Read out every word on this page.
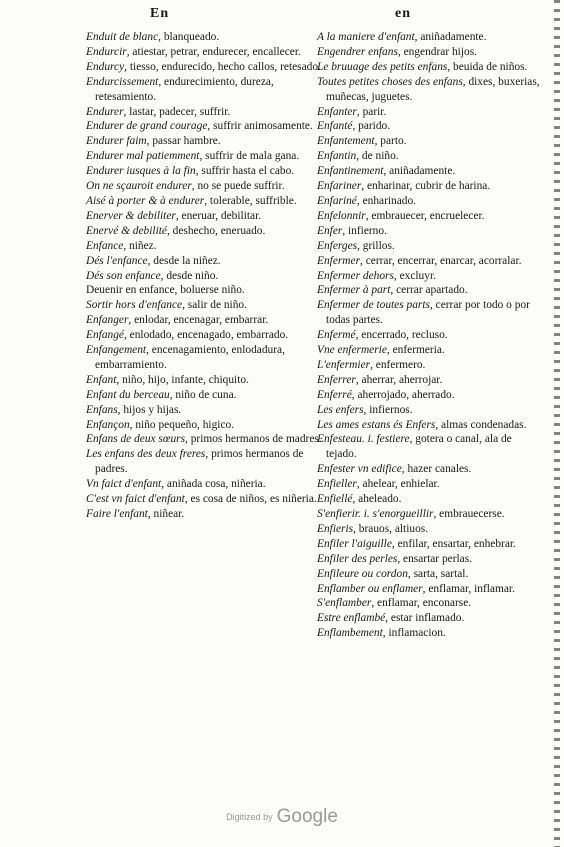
En	en

Enduit de blanc, blanqueado.

Endurcir, atiestar, petrar, endurecer, encallecer.

Endurcy, tiesso, endurecido, hecho callos, retesado.

Endurcissement, endurecimiento, dureza, retesamiento.

Endurer, lastar, padecer, suffrir.

Endurer de grand courage, suffrir animosamente.

Endurer faim, passar hambre.

Endurer mal patiemment, suffrir de mala gana.

Endurer iusques à la fin, suffrir hasta el cabo.

On ne sçauroit endurer, no se puede suffrir.

Aisé à porter & à endurer, tolerable, suffrible.

Enerver & debiliter, eneruar, debilitar.

Enervé & debilité, deshecho, eneruado.

Enfance, niñez.

Dés l'enfance, desde la niñez.

Dés son enfance, desde niño.

Deuenir en enfance, boluerse niño.

Sortir hors d'enfance, salir de niño.

Enfanger, enlodar, encenagar, embarrar.

Enfangé, enlodado, encenagado, embarrado.

Enfangement, encenagamiento, enlodadura, embarramiento.

Enfant, niño, hijo, infante, chiquito.

Enfant du berceau, niño de cuna.

Enfans, hijos y hijas.

Enfançon, niño pequeño, higico.

Enfans de deux sœurs, primos hermanos de madres.

Les enfans des deux freres, primos hermanos de padres.

Vn faict d'enfant, aniñada cosa, niñeria.

C'est vn faict d'enfant, es cosa de niños, es niñeria.

Faire l'enfant, niñear.

A la maniere d'enfant, aniñadamente.

Engendrer enfans, engendrar hijos.

Le bruuage des petits enfans, beuida de niños.

Toutes petites choses des enfans, dixes, buxerias, muñecas, juguetes.

Enfanter, parir.

Enfanté, parido.

Enfantement, parto.

Enfantin, de niño.

Enfantinement, aniñadamente.

Enfariner, enharinar, cubrir de harina.

Enfariné, enharinado.

Enfelonnir, embrauecer, encruelecer.

Enfer, infierno.

Enferges, grillos.

Enfermer, cerrar, encerrar, enarcar, acorralar.

Enfermer dehors, excluyr.

Enfermer à part, cerrar apartado.

Enfermer de toutes parts, cerrar por todo o por todas partes.

Enfermé, encerrado, recluso.

Vne enfermerie, enfermeria.

L'enfermier, enfermero.

Enferrer, aherrar, aherrojar.

Enferré, aherrojado, aherrado.

Les enfers, infiernos.

Les ames estans és Enfers, almas condenadas.

Enfesteau. i. festiere, gotera o canal, ala de tejado.

Enfester vn edifice, hazer canales.

Enfieller, ahelear, enhielar.

Enfiellé, aheleado.

S'enfierir. i. s'enorgueillir, embrauecerse.

Enfieris, brauos, altiuos.

Enfiler l'aiguille, enfilar, ensartar, enhebrar.

Enfiler des perles, ensartar perlas.

Enfileure ou cordon, sarta, sartal.

Enflamber ou enflamer, enflamar, inflamar.

S'enflamber, enflamar, enconarse.

Estre enflambé, estar inflamado.

Enflambement, inflamacion.

Digitized by Google
